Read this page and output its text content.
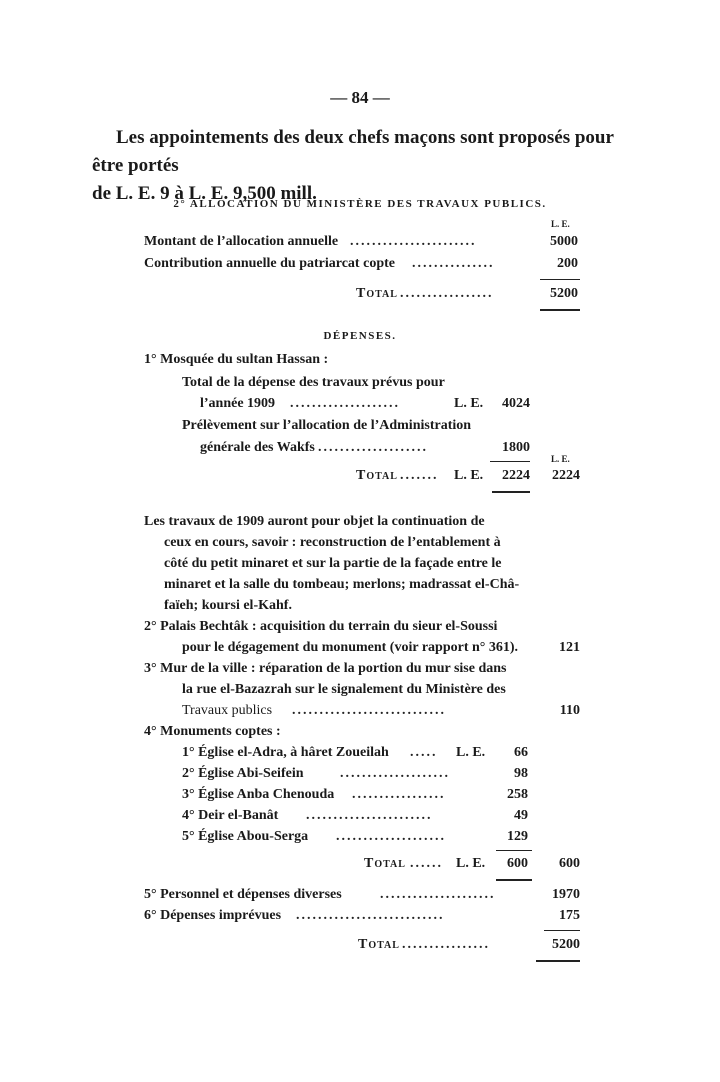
— 84 —
Les appointements des deux chefs maçons sont proposés pour être portés
de L. E. 9 à L. E. 9,500 mill.
2° ALLOCATION DU MINISTÈRE DES TRAVAUX PUBLICS.
L. E.
Montant de l’allocation annuelle .......................	5000
Contribution annuelle du patriarcat copte ...............	200
Total .................	5200
DÉPENSES.
1° Mosquée du sultan Hassan :
Total de la dépense des travaux prévus pour
l’année 1909 ....................	L. E.	4024
Prélèvement sur l’allocation de l’Administration
générale des Wakfs ....................	1800
L. E.
Total ....... L. E.	2224	2224
Les travaux de 1909 auront pour objet la continuation de
ceux en cours, savoir : reconstruction de l’entablement à
côté du petit minaret et sur la partie de la façade entre le
minaret et la salle du tombeau; merlons; madrassat el-Châ-
faïeh; koursi el-Kahf.
2° Palais Bechtâk : acquisition du terrain du sieur el-Soussi
pour le dégagement du monument (voir rapport n° 361).	121
3° Mur de la ville : réparation de la portion du mur sise dans
la rue el-Bazazrah sur le signalement du Ministère des
Travaux publics ............................	110
4° Monuments coptes :
1° Église el-Adra, à hâret Zoueilah ..... L. E.	66
2° Église Abi-Seifein	....................	98
3° Église Anba Chenouda .................	258
4° Deir el-Banât .......................	49
5° Église Abou-Serga ....................	129
Total ...... L. E.	600	600
5° Personnel et dépenses diverses	.....................	1970
6° Dépenses imprévues ...........................	175
Total ................	5200
